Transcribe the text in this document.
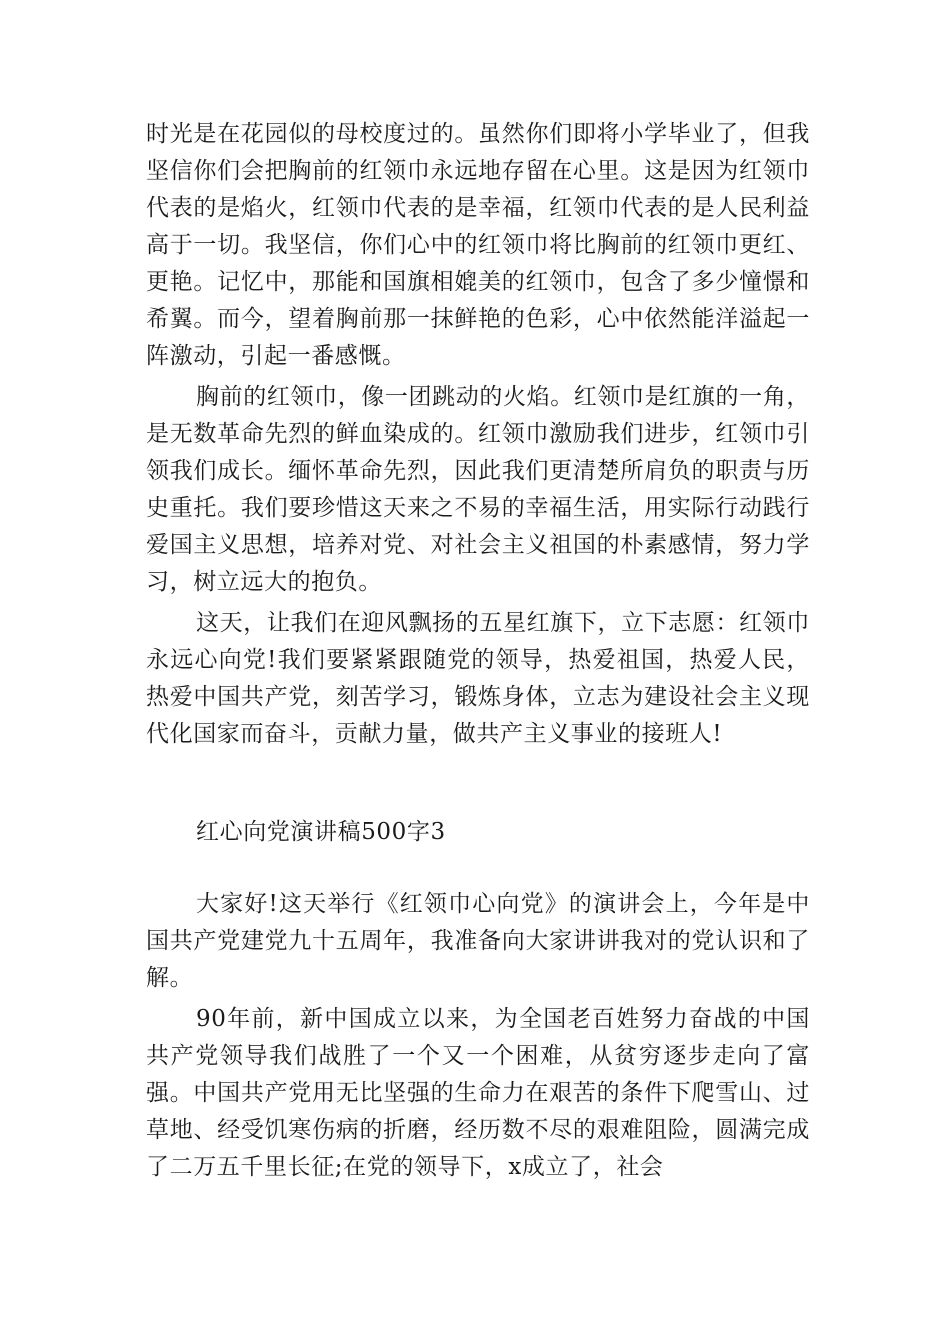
时光是在花园似的母校度过的。虽然你们即将小学毕业了，但我坚信你们会把胸前的红领巾永远地存留在心里。这是因为红领巾代表的是焰火，红领巾代表的是幸福，红领巾代表的是人民利益高于一切。我坚信，你们心中的红领巾将比胸前的红领巾更红、更艳。记忆中，那能和国旗相媲美的红领巾，包含了多少憧憬和希翼。而今，望着胸前那一抹鲜艳的色彩，心中依然能洋溢起一阵激动，引起一番感慨。

胸前的红领巾，像一团跳动的火焰。红领巾是红旗的一角，是无数革命先烈的鲜血染成的。红领巾激励我们进步，红领巾引领我们成长。缅怀革命先烈，因此我们更清楚所肩负的职责与历史重托。我们要珍惜这天来之不易的幸福生活，用实际行动践行爱国主义思想，培养对党、对社会主义祖国的朴素感情，努力学习，树立远大的抱负。

这天，让我们在迎风飘扬的五星红旗下，立下志愿：红领巾永远心向党!我们要紧紧跟随党的领导，热爱祖国，热爱人民，热爱中国共产党，刻苦学习，锻炼身体，立志为建设社会主义现代化国家而奋斗，贡献力量，做共产主义事业的接班人!

红心向党演讲稿500字3

大家好!这天举行《红领巾心向党》的演讲会上，今年是中国共产党建党九十五周年，我准备向大家讲讲我对的党认识和了解。

90年前，新中国成立以来，为全国老百姓努力奋战的中国共产党领导我们战胜了一个又一个困难，从贫穷逐步走向了富强。中国共产党用无比坚强的生命力在艰苦的条件下爬雪山、过草地、经受饥寒伤病的折磨，经历数不尽的艰难阻险，圆满完成了二万五千里长征;在党的领导下，x成立了，社会
